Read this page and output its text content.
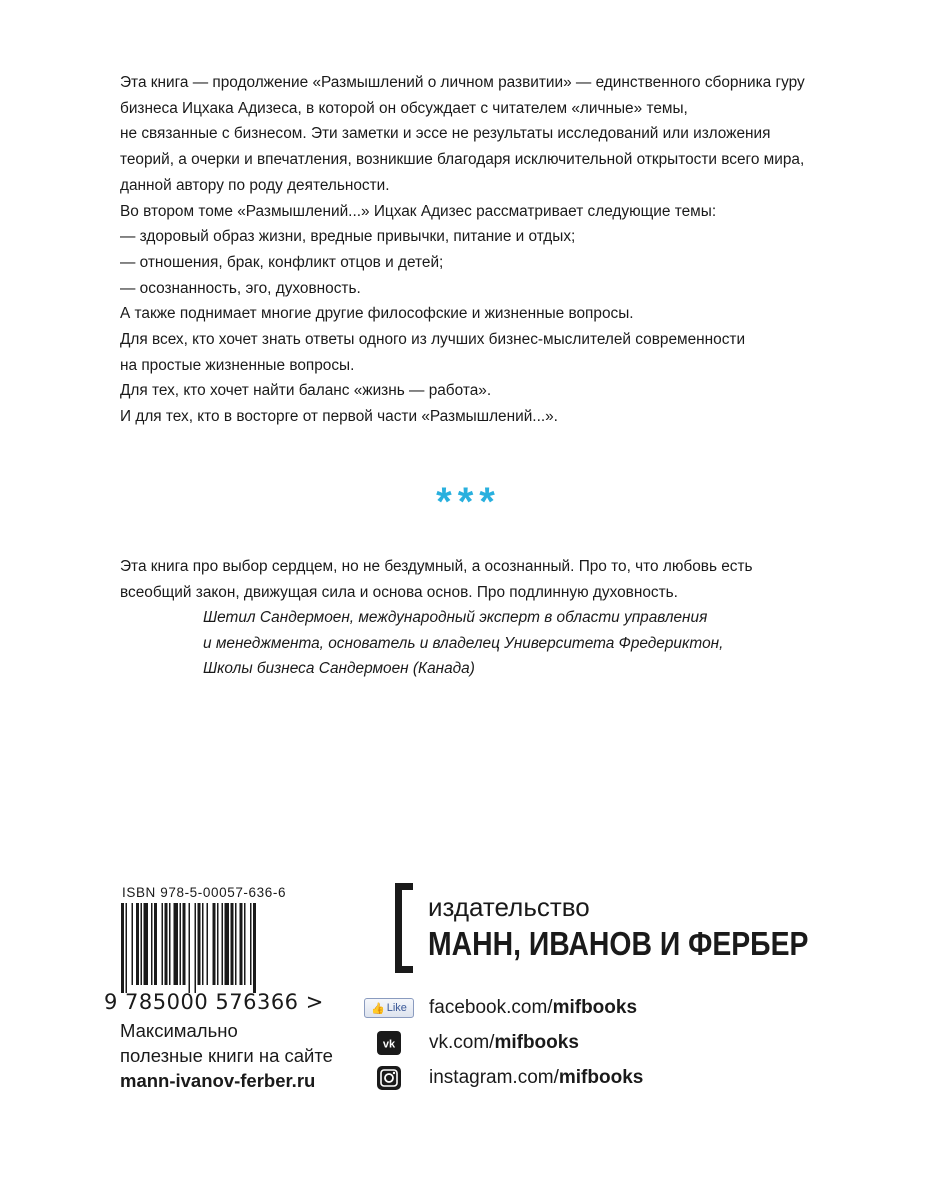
Эта книга — продолжение «Размышлений о личном развитии» — единственного сборника гуру

бизнеса Ицхака Адизеса, в которой он обсуждает с читателем «личные» темы,

не связанные с бизнесом. Эти заметки и эссе не результаты исследований или изложения

теорий, а очерки и впечатления, возникшие благодаря исключительной открытости всего мира,

данной автору по роду деятельности.

Во втором томе «Размышлений...» Ицхак Адизес рассматривает следующие темы:

— здоровый образ жизни, вредные привычки, питание и отдых;

— отношения, брак, конфликт отцов и детей;

— осознанность, эго, духовность.

А также поднимает многие другие философские и жизненные вопросы.

Для всех, кто хочет знать ответы одного из лучших бизнес-мыслителей современности

на простые жизненные вопросы.

Для тех, кто хочет найти баланс «жизнь — работа».

И для тех, кто в восторге от первой части «Размышлений...».

***

Эта книга про выбор сердцем, но не бездумный, а осознанный. Про то, что любовь есть

всеобщий закон, движущая сила и основа основ. Про подлинную духовность.

Шетил Сандермоен, международный эксперт в области управления

и менеджмента, основатель и владелец Университета Фредериктон,

Школы бизнеса Сандермоен (Канада)

ISBN 978-5-00057-636-6
9 785000 576366 >
Максимально
полезные книги на сайте
mann-ivanov-ferber.ru
издательство
МАНН, ИВАНОВ И ФЕРБЕР
👍 Like facebook.com/mifbooks
vk vk.com/mifbooks
instagram.com/mifbooks
